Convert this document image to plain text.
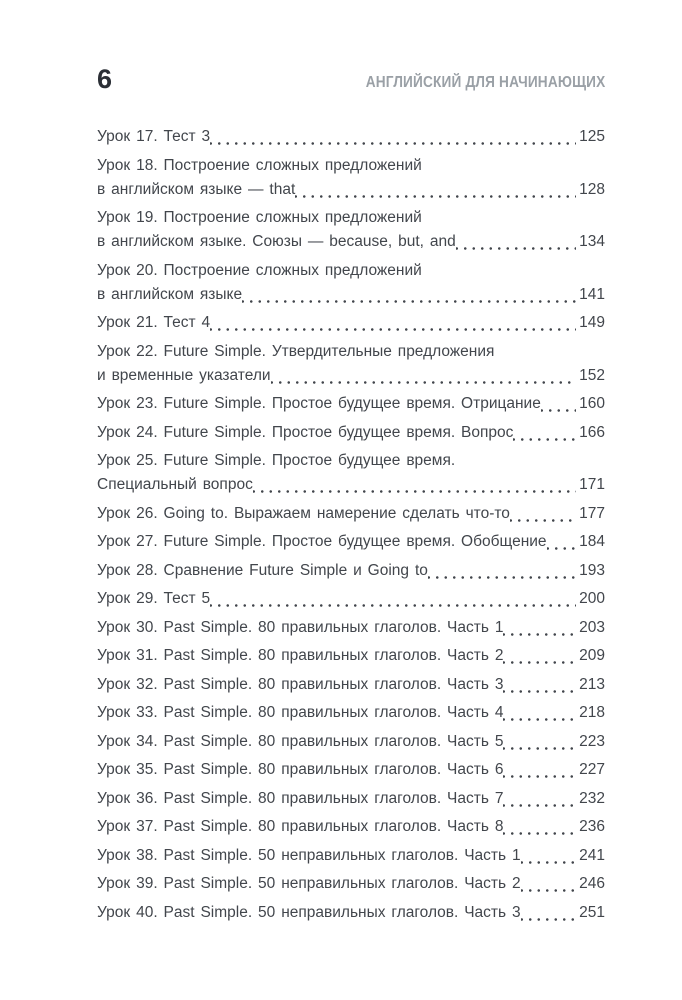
6	АНГЛИЙСКИЙ ДЛЯ НАЧИНАЮЩИХ
Урок 17. Тест 3	125
Урок 18. Построение сложных предложений
в английском языке — that	128
Урок 19. Построение сложных предложений
в английском языке. Союзы — because, but, and	134
Урок 20. Построение сложных предложений
в английском языке	141
Урок 21. Тест 4	149
Урок 22. Future Simple. Утвердительные предложения
и временные указатели	152
Урок 23. Future Simple. Простое будущее время. Отрицание 160
Урок 24. Future Simple. Простое будущее время. Вопрос	166
Урок 25. Future Simple. Простое будущее время.
Специальный вопрос	171
Урок 26. Going to. Выражаем намерение сделать что-то	177
Урок 27. Future Simple. Простое будущее время. Обобщение 184
Урок 28. Сравнение Future Simple и Going to	193
Урок 29. Тест 5	200
Урок 30. Past Simple. 80 правильных глаголов. Часть 1	203
Урок 31. Past Simple. 80 правильных глаголов. Часть 2	209
Урок 32. Past Simple. 80 правильных глаголов. Часть 3	213
Урок 33. Past Simple. 80 правильных глаголов. Часть 4	218
Урок 34. Past Simple. 80 правильных глаголов. Часть 5	223
Урок 35. Past Simple. 80 правильных глаголов. Часть 6	227
Урок 36. Past Simple. 80 правильных глаголов. Часть 7	232
Урок 37. Past Simple. 80 правильных глаголов. Часть 8	236
Урок 38. Past Simple. 50 неправильных глаголов. Часть 1	241
Урок 39. Past Simple. 50 неправильных глаголов. Часть 2	246
Урок 40. Past Simple. 50 неправильных глаголов. Часть 3	251
